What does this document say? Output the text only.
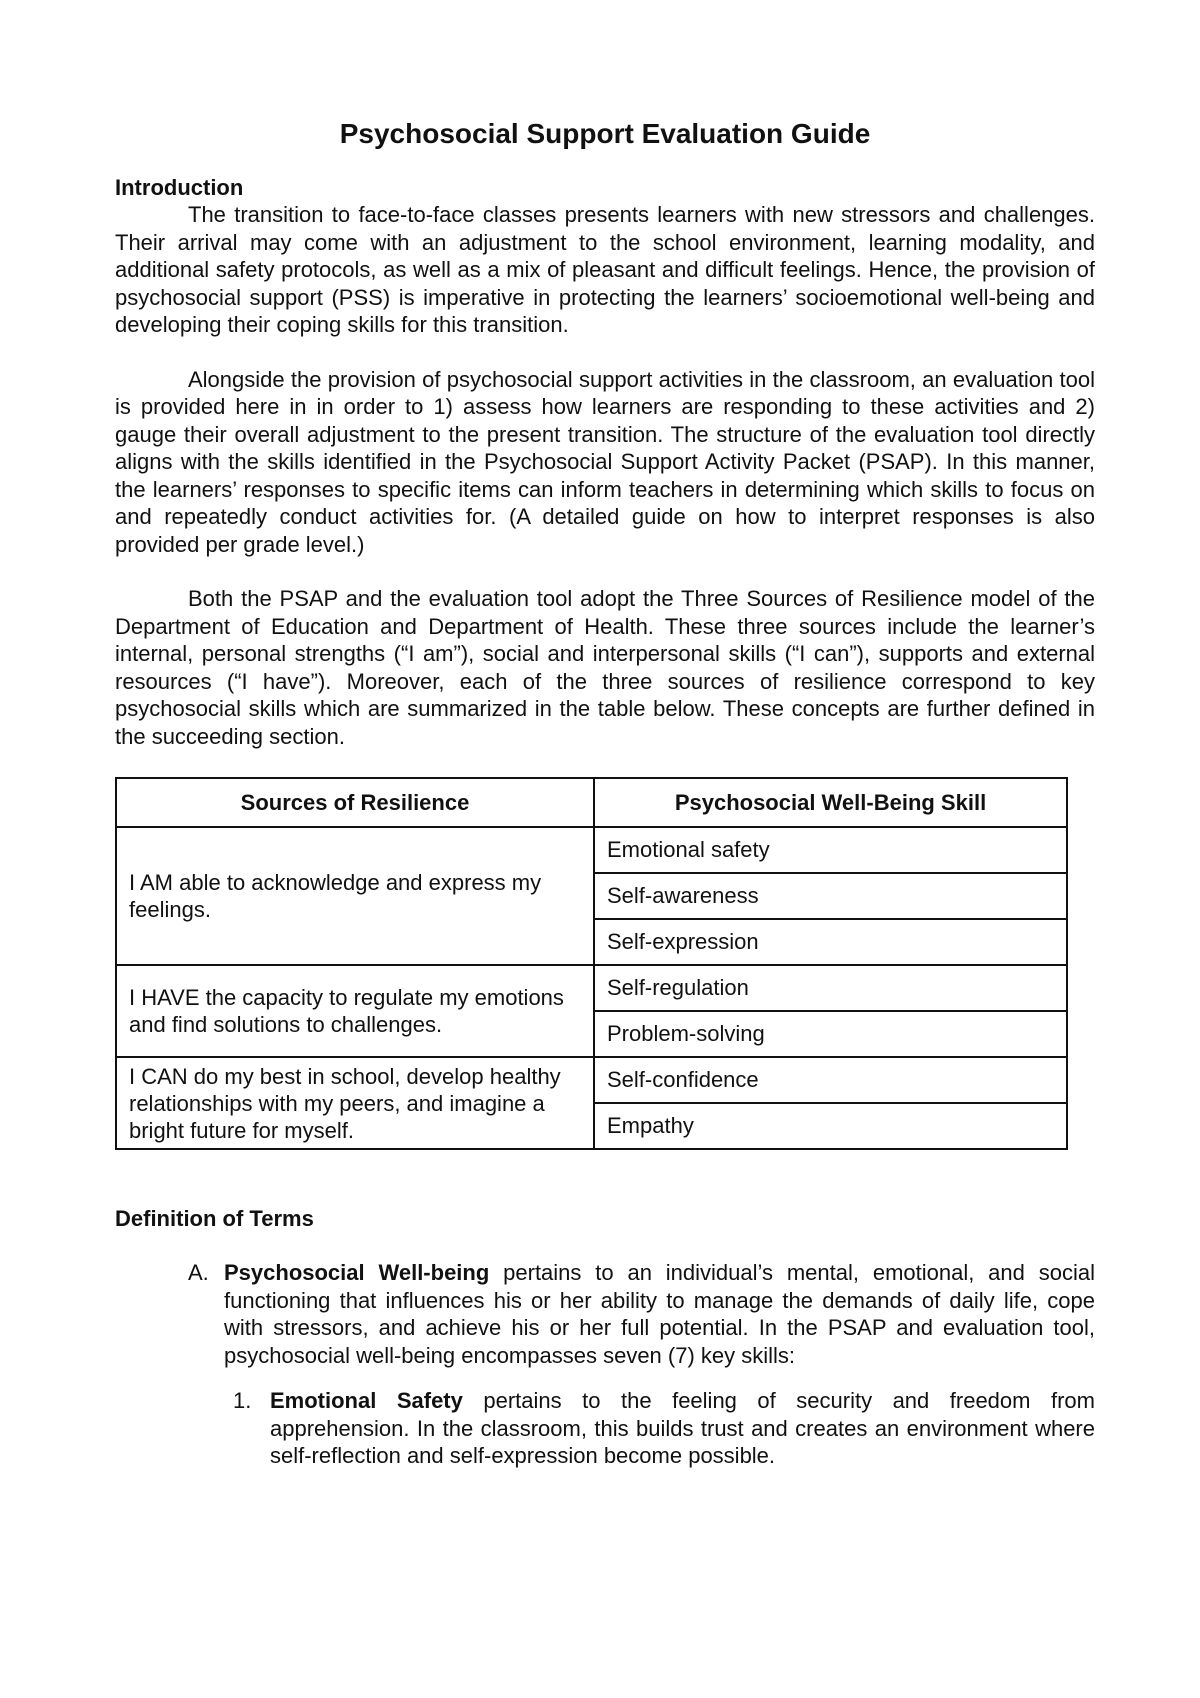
Psychosocial Support Evaluation Guide
Introduction

The transition to face-to-face classes presents learners with new stressors and challenges. Their arrival may come with an adjustment to the school environment, learning modality, and additional safety protocols, as well as a mix of pleasant and difficult feelings. Hence, the provision of psychosocial support (PSS) is imperative in protecting the learners’ socioemotional well-being and developing their coping skills for this transition.

Alongside the provision of psychosocial support activities in the classroom, an evaluation tool is provided here in in order to 1) assess how learners are responding to these activities and 2) gauge their overall adjustment to the present transition. The structure of the evaluation tool directly aligns with the skills identified in the Psychosocial Support Activity Packet (PSAP). In this manner, the learners’ responses to specific items can inform teachers in determining which skills to focus on and repeatedly conduct activities for. (A detailed guide on how to interpret responses is also provided per grade level.)

Both the PSAP and the evaluation tool adopt the Three Sources of Resilience model of the Department of Education and Department of Health. These three sources include the learner’s internal, personal strengths (“I am”), social and interpersonal skills (“I can”), supports and external resources (“I have”). Moreover, each of the three sources of resilience correspond to key psychosocial skills which are summarized in the table below. These concepts are further defined in the succeeding section.

Sources of Resilience	Psychosocial Well-Being Skill
I AM able to acknowledge and express my feelings.	Emotional safety
	Self-awareness
	Self-expression
I HAVE the capacity to regulate my emotions and find solutions to challenges.	Self-regulation
	Problem-solving
I CAN do my best in school, develop healthy relationships with my peers, and imagine a bright future for myself.	Self-confidence
	Empathy
Definition of Terms
A. Psychosocial Well-being pertains to an individual’s mental, emotional, and social functioning that influences his or her ability to manage the demands of daily life, cope with stressors, and achieve his or her full potential. In the PSAP and evaluation tool, psychosocial well-being encompasses seven (7) key skills:
1. Emotional Safety pertains to the feeling of security and freedom from apprehension. In the classroom, this builds trust and creates an environment where self-reflection and self-expression become possible.
